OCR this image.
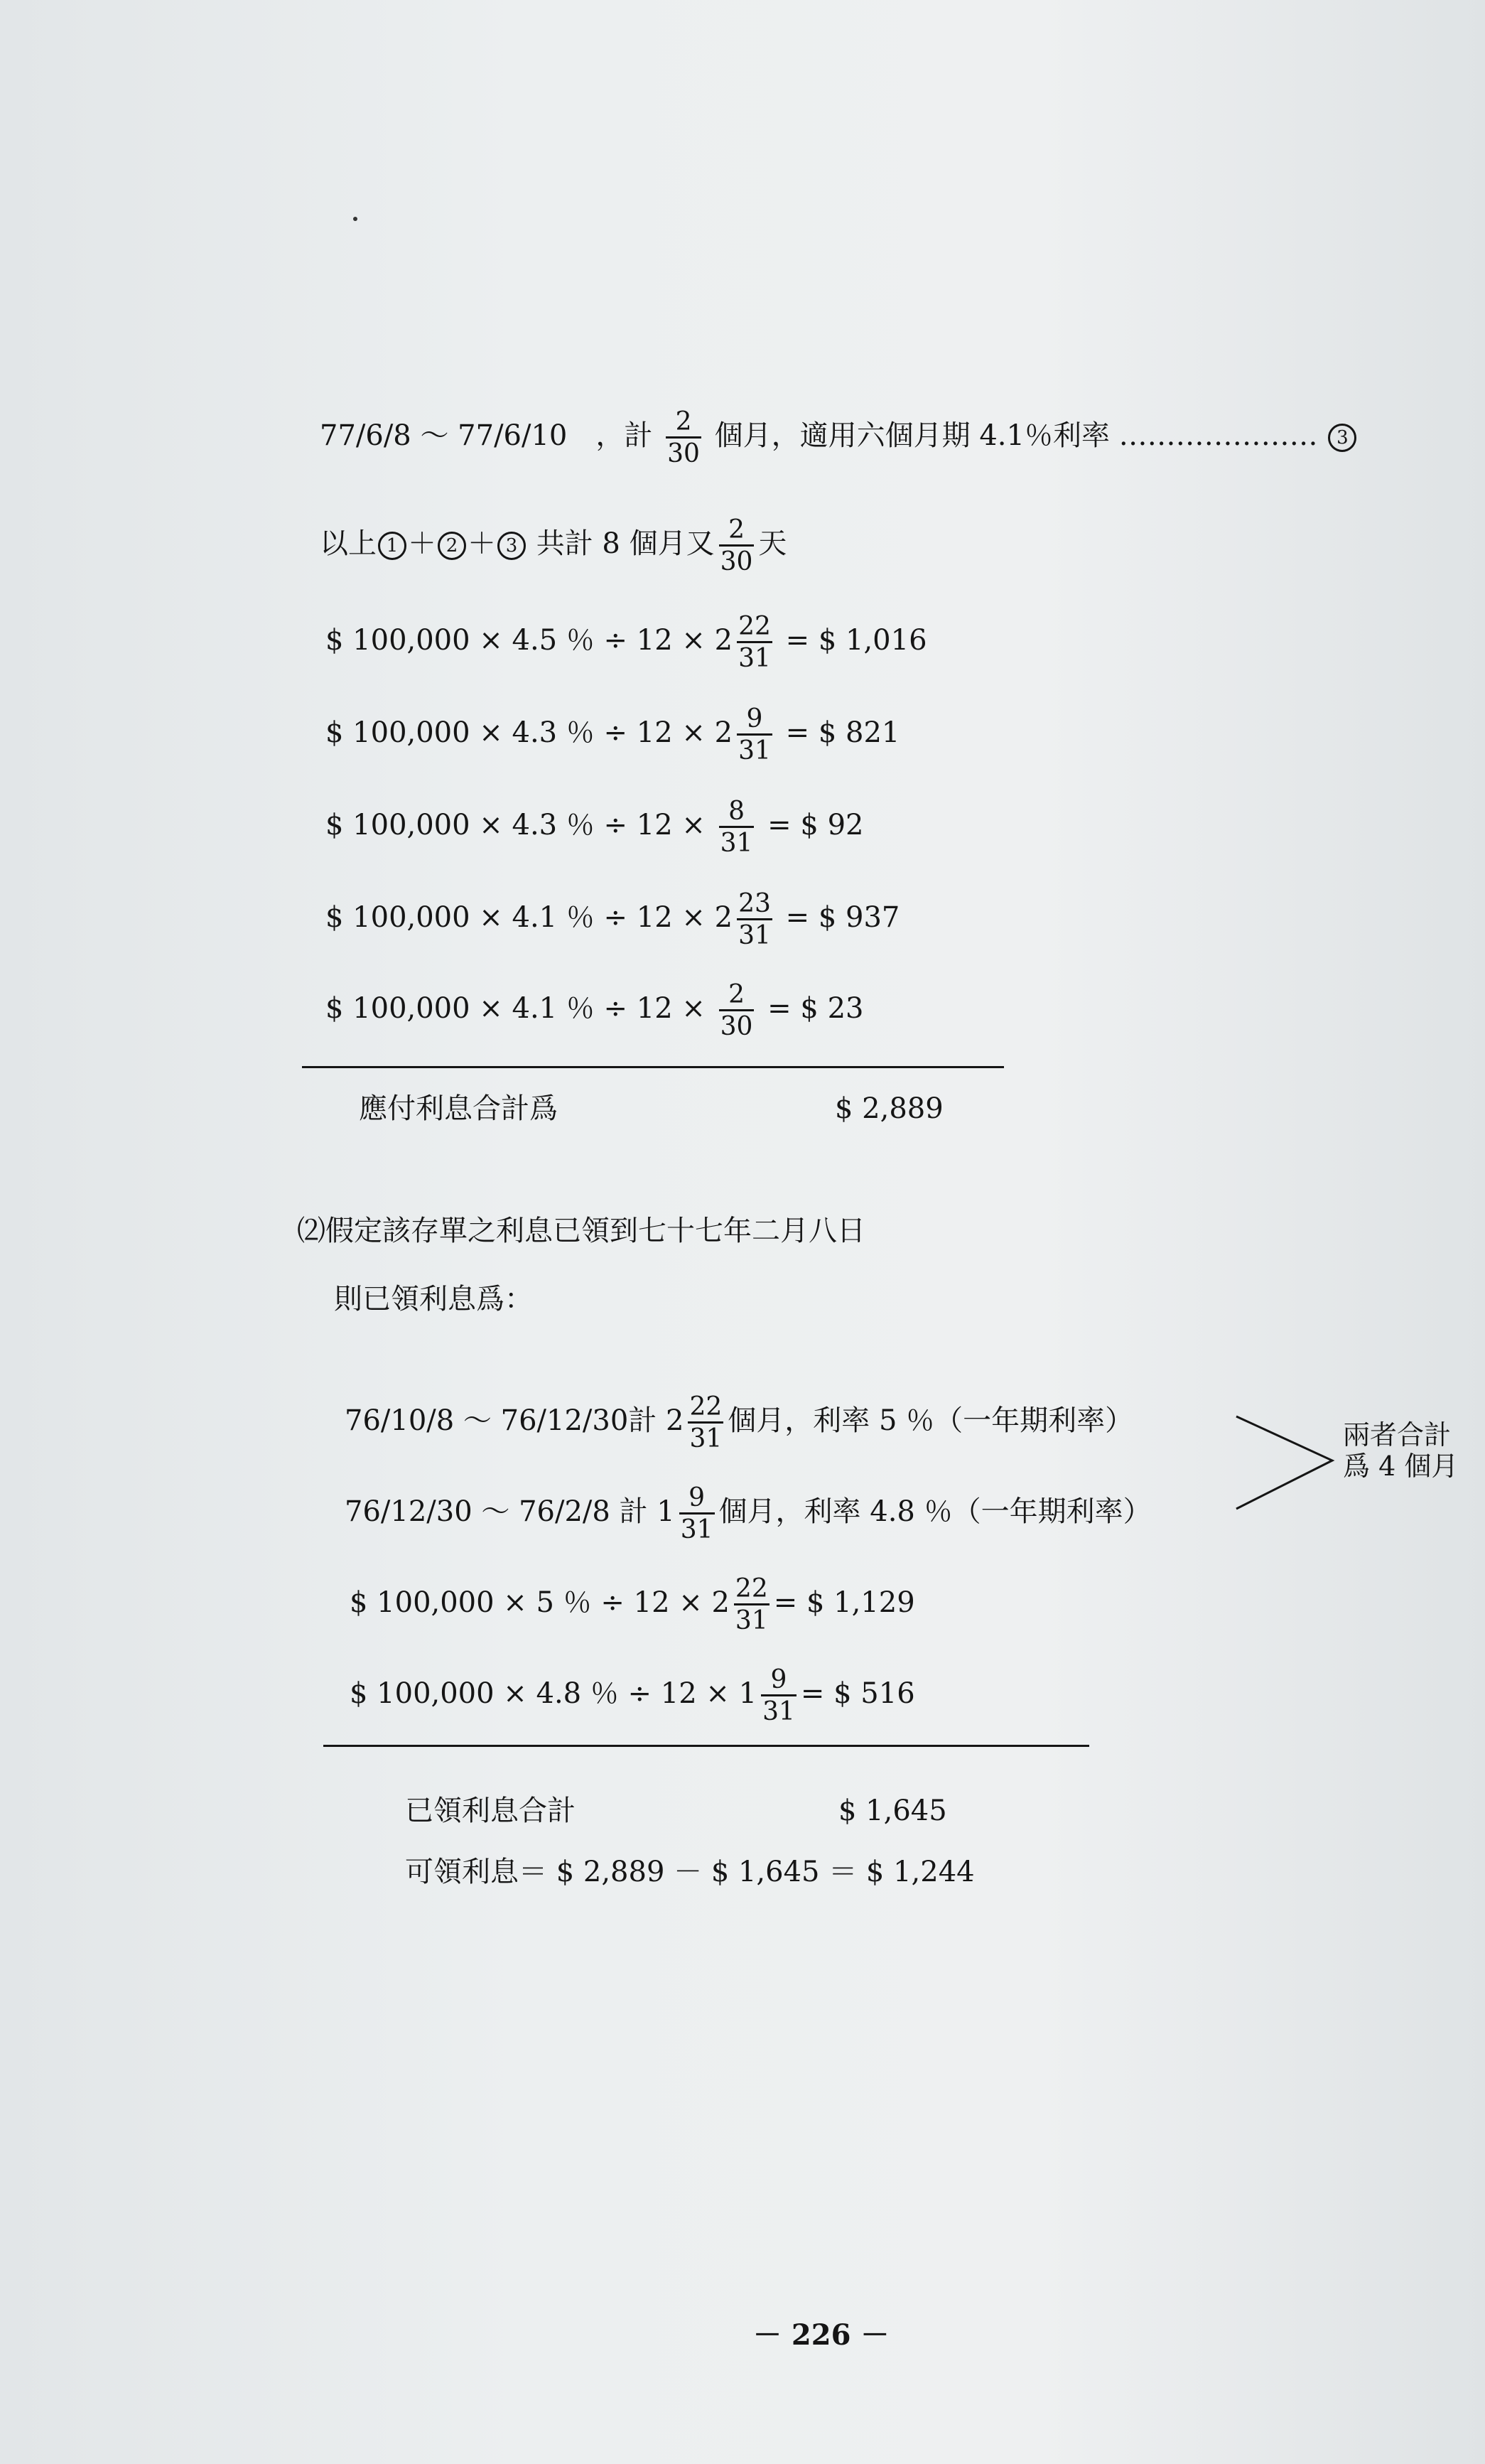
77/6/8 ～ 77/6/10　，計 $\frac{2}{30}$ 個月，適用六個月期 4.1％利率 ………………… 3
以上 1 ＋ 2 ＋ 3 共計 8 個月又 $\frac{2}{30}$ 天
$ 100,000 × 4.5 ％ ÷ $12 \times 2 \frac{22}{31}$ = $ 1,016
$ 100,000 × 4.3 ％ ÷ $12 \times 2 \frac{9}{31}$ = $ 821
$ 100,000 × 4.3 ％ ÷ $12 \times \frac{8}{31}$ = $ 92
$ 100,000 × 4.1 ％ ÷ $12 \times 2 \frac{23}{31}$ = $ 937
$ 100,000 × 4.1 ％ ÷ $12 \times \frac{2}{30}$ = $ 23
應付利息合計爲	$ 2,889
⑵假定該存單之利息已領到七十七年二月八日
則已領利息爲：
76/10/8 ～ 76/12/30計 $2 \frac{22}{31}$ 個月，利率 5 ％（一年期利率）
76/12/30 ～ 76/2/8 計 $1 \frac{9}{31}$ 個月，利率 4.8 ％（一年期利率）
兩者合計
爲 4 個月
$ 100,000 × 5 ％ ÷ $12 \times 2 \frac{22}{31}$ = $ 1,129
$ 100,000 × 4.8 ％ ÷ $12 \times 1 \frac{9}{31}$ = $ 516
已領利息合計	$ 1,645
可領利息＝ $ 2,889 － $ 1,645 ＝ $ 1,244
－ 226 －
